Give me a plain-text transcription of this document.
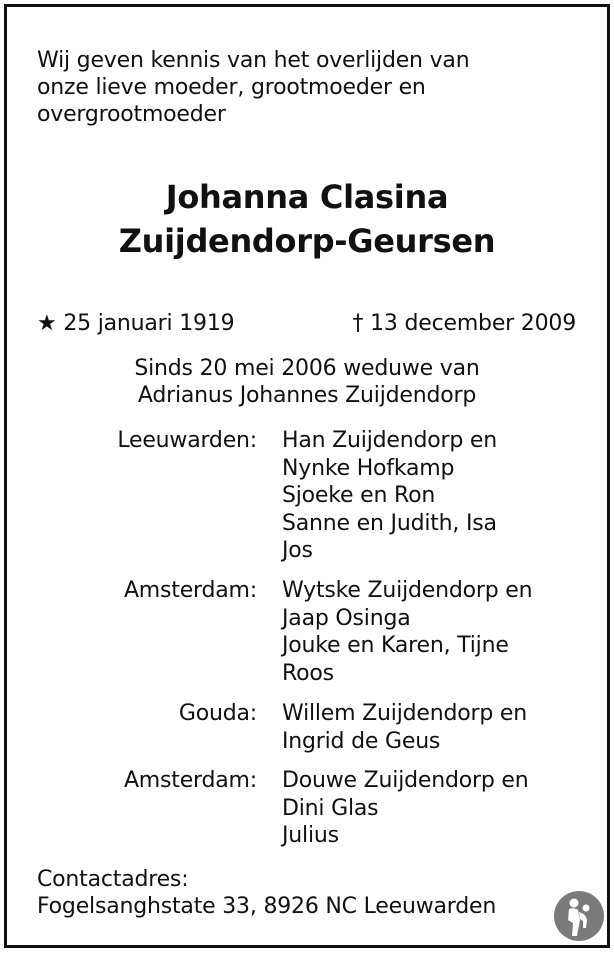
Wij geven kennis van het overlijden van
onze lieve moeder, grootmoeder en
overgrootmoeder
Johanna Clasina
Zuijdendorp-Geursen
★ 25 januari 1919	† 13 december 2009
Sinds 20 mei 2006 weduwe van
Adrianus Johannes Zuijdendorp
Leeuwarden: Han Zuijdendorp en
Nynke Hofkamp
Sjoeke en Ron
Sanne en Judith, Isa
Jos
Amsterdam: Wytske Zuijdendorp en
Jaap Osinga
Jouke en Karen, Tijne
Roos
Gouda: Willem Zuijdendorp en
Ingrid de Geus
Amsterdam: Douwe Zuijdendorp en
Dini Glas
Julius
Contactadres:
Fogelsanghstate 33, 8926 NC Leeuwarden
